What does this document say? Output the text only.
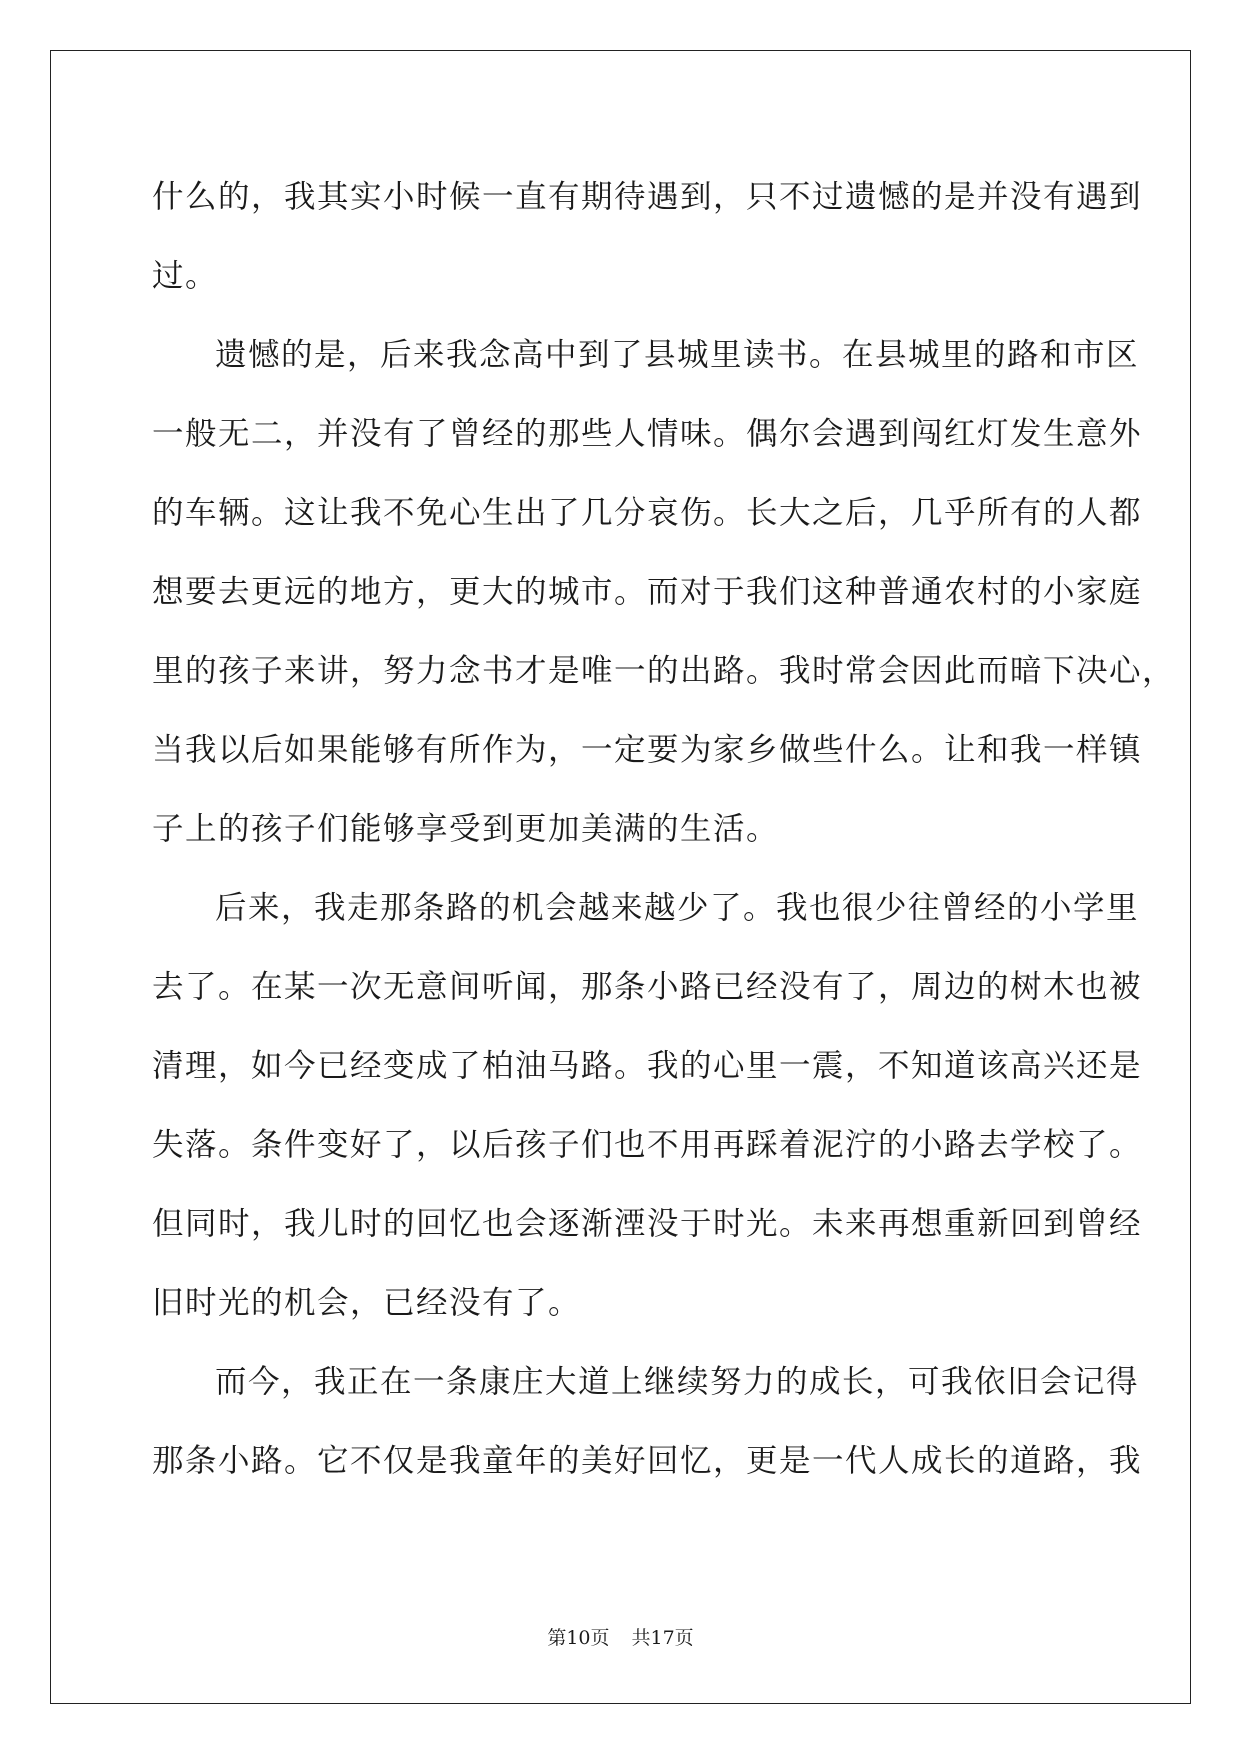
什么的，我其实小时候一直有期待遇到，只不过遗憾的是并没有遇到
过。
遗憾的是，后来我念高中到了县城里读书。在县城里的路和市区
一般无二，并没有了曾经的那些人情味。偶尔会遇到闯红灯发生意外
的车辆。这让我不免心生出了几分哀伤。长大之后，几乎所有的人都
想要去更远的地方，更大的城市。而对于我们这种普通农村的小家庭
里的孩子来讲，努力念书才是唯一的出路。我时常会因此而暗下决心，
当我以后如果能够有所作为，一定要为家乡做些什么。让和我一样镇
子上的孩子们能够享受到更加美满的生活。
后来，我走那条路的机会越来越少了。我也很少往曾经的小学里
去了。在某一次无意间听闻，那条小路已经没有了，周边的树木也被
清理，如今已经变成了柏油马路。我的心里一震，不知道该高兴还是
失落。条件变好了，以后孩子们也不用再踩着泥泞的小路去学校了。
但同时，我儿时的回忆也会逐渐湮没于时光。未来再想重新回到曾经
旧时光的机会，已经没有了。
而今，我正在一条康庄大道上继续努力的成长，可我依旧会记得
那条小路。它不仅是我童年的美好回忆，更是一代人成长的道路，我
第10页 共17页
